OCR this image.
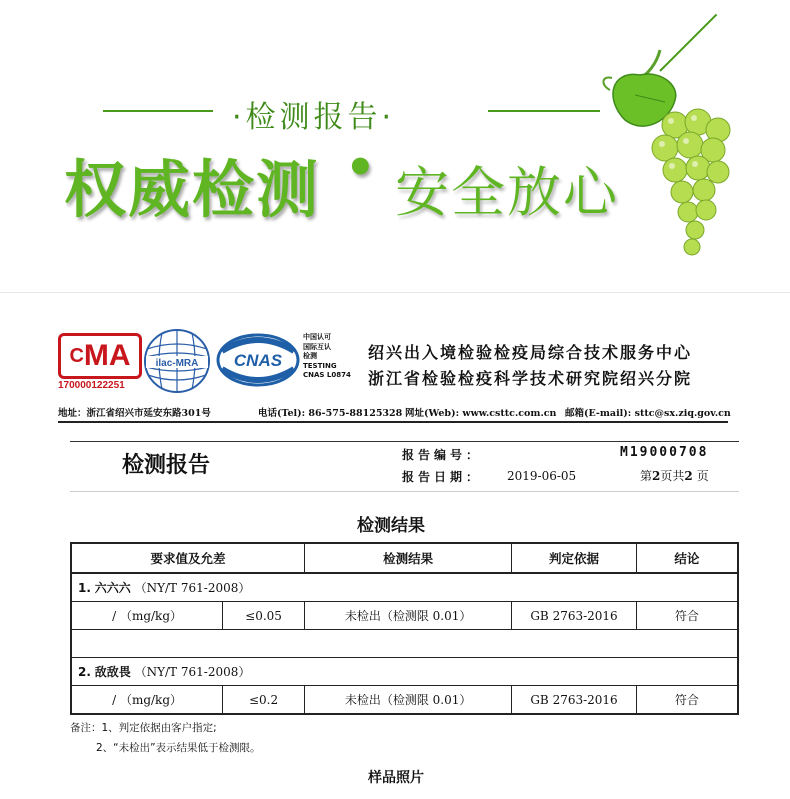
·检测报告·
权威检测 • 安全放心
$^C$MA
170000122251
ilac-MRA CNAS
中国认可
国际互认
检测
TESTING
CNAS L0874
绍兴出入境检验检疫局综合技术服务中心
浙江省检验检疫科学技术研究院绍兴分院
地址：浙江省绍兴市延安东路301号	电话(Tel): 86-575-88125328 网址(Web): www.csttc.com.cn 邮箱(E-mail): sttc@sx.ziq.gov.cn
检测报告	报告编号：	M19000708
报告日期： 2019-06-05	第2页共2 页
检测结果
要求值及允差		检测结果	判定依据	结论
1. 六六六 （NY/T 761-2008）				
/ （mg/kg）	≤0.05	未检出（检测限 0.01）	GB 2763-2016	符合

2. 敌敌畏 （NY/T 761-2008）				
/ （mg/kg）	≤0.2	未检出（检测限 0.01）	GB 2763-2016	符合
备注：1、判定依据由客户指定;
2、“未检出”表示结果低于检测限。
样品照片
